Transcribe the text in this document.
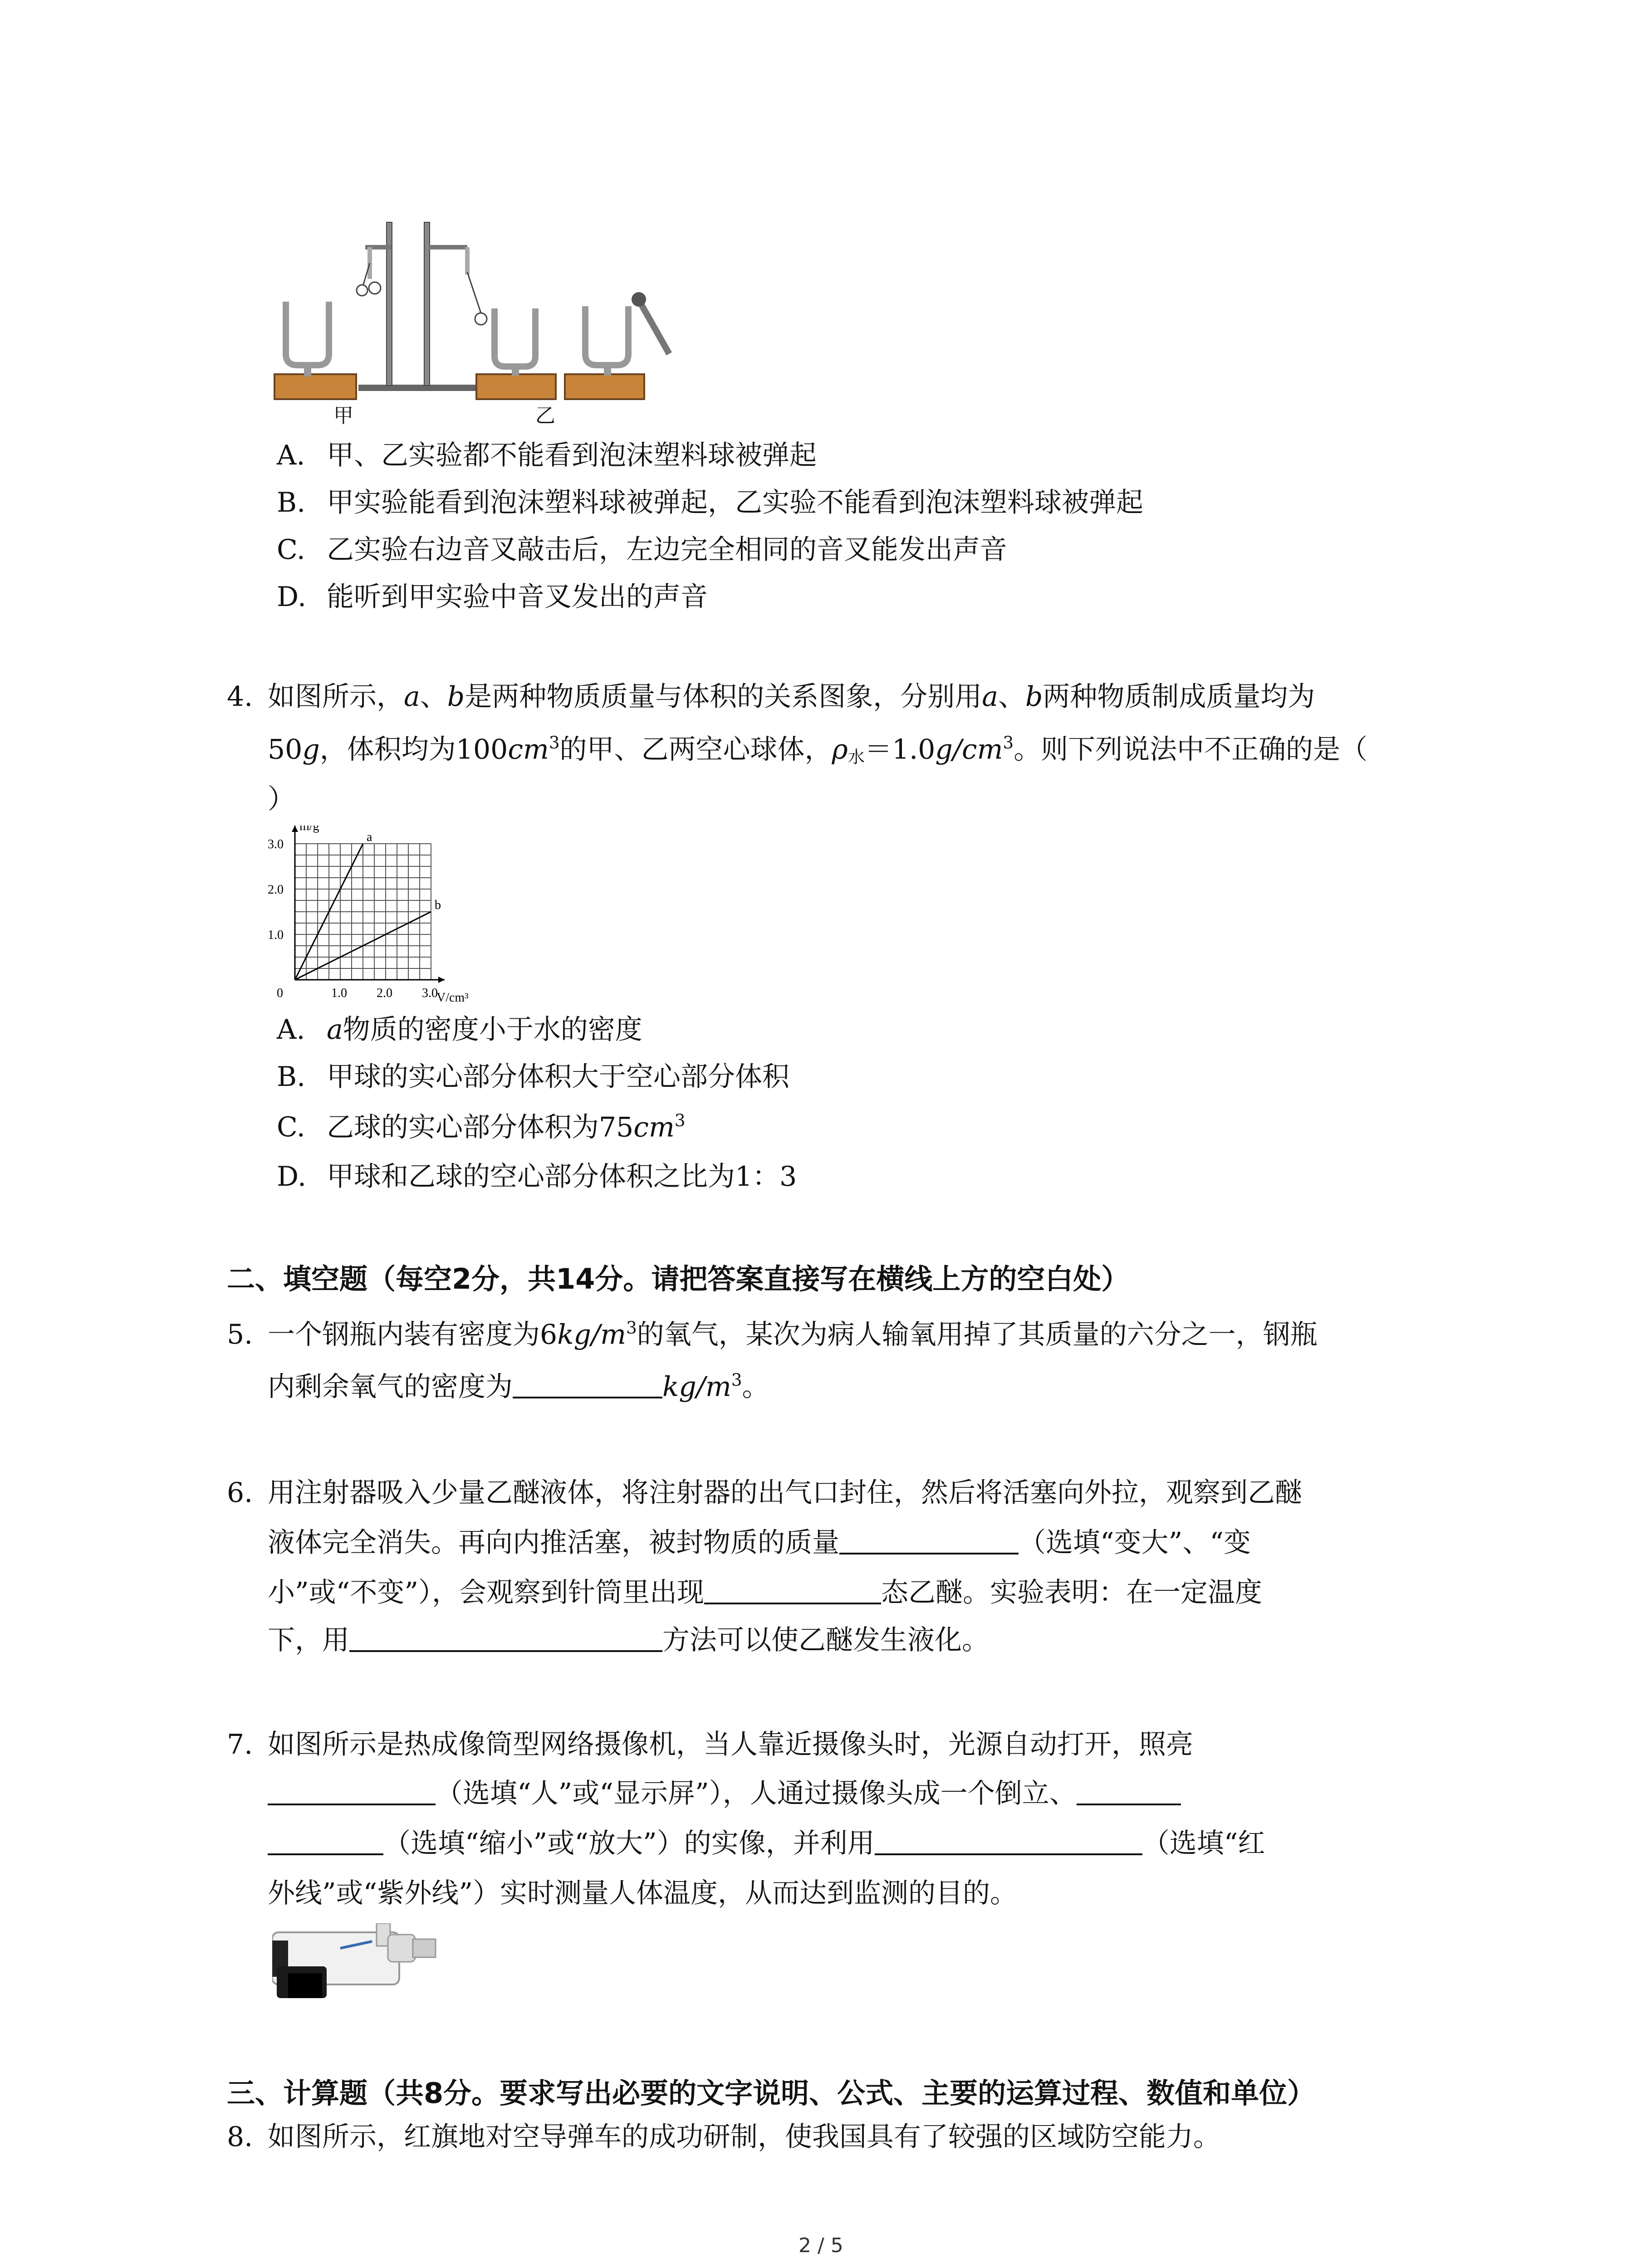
甲	乙
A. 甲、乙实验都不能看到泡沫塑料球被弹起
B. 甲实验能看到泡沫塑料球被弹起，乙实验不能看到泡沫塑料球被弹起
C. 乙实验右边音叉敲击后，左边完全相同的音叉能发出声音
D. 能听到甲实验中音叉发出的声音
4. 如图所示，a、b是两种物质质量与体积的关系图象，分别用a、b两种物质制成质量均为
50g，体积均为$100cm^3$的甲、乙两空心球体，$\rho_水=1.0g/cm^3$。则下列说法中不正确的是（
）
0	1.0 2.0 3.0
1.0
2.0
3.0
V/cm³
m/g
a
b
A. a物质的密度小于水的密度
B. 甲球的实心部分体积大于空心部分体积
C. 乙球的实心部分体积为$75cm^3$
D. 甲球和乙球的空心部分体积之比为1：3
二、填空题（每空2分，共14分。请把答案直接写在横线上方的空白处）
5. 一个钢瓶内装有密度为$6kg/m^3$的氧气，某次为病人输氧用掉了其质量的六分之一，钢瓶
内剩余氧气的密度为	$kg/m^3$。
6. 用注射器吸入少量乙醚液体，将注射器的出气口封住，然后将活塞向外拉，观察到乙醚
液体完全消失。再向内推活塞，被封物质的质量	（选填“变大”、“变
小”或“不变”），会观察到针筒里出现	态乙醚。实验表明：在一定温度
下，用	方法可以使乙醚发生液化。
7. 如图所示是热成像筒型网络摄像机，当人靠近摄像头时，光源自动打开，照亮
（选填“人”或“显示屏”），人通过摄像头成一个倒立、
（选填“缩小”或“放大”）的实像，并利用	（选填“红
外线”或“紫外线”）实时测量人体温度，从而达到监测的目的。
三、计算题（共8分。要求写出必要的文字说明、公式、主要的运算过程、数值和单位）
8. 如图所示，红旗地对空导弹车的成功研制，使我国具有了较强的区域防空能力。
2 / 5
